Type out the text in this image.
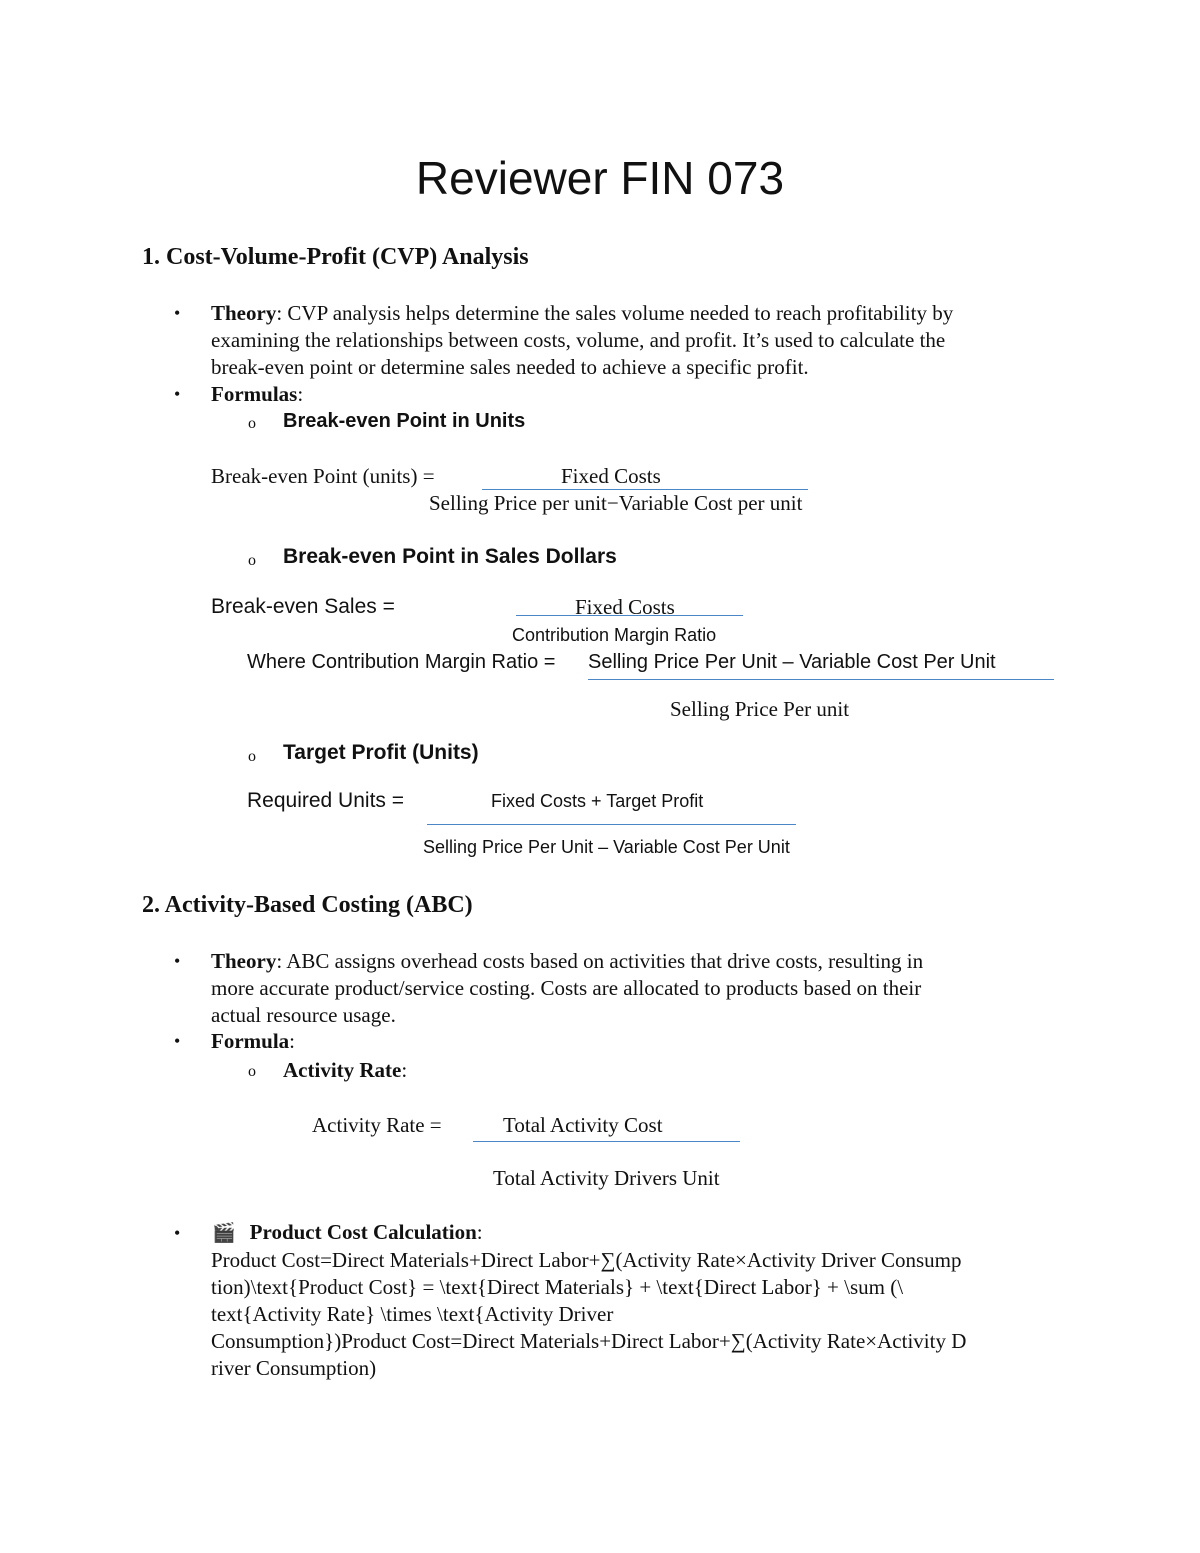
Reviewer FIN 073
1. Cost-Volume-Profit (CVP) Analysis
• Theory: CVP analysis helps determine the sales volume needed to reach profitability by
examining the relationships between costs, volume, and profit. It’s used to calculate the
break-even point or determine sales needed to achieve a specific profit.
• Formulas:
o Break-even Point in Units
Break-even Point (units) =	Fixed Costs
Selling Price per unit−Variable Cost per unit
o Break-even Point in Sales Dollars
Break-even Sales =	Fixed Costs
Contribution Margin Ratio
Where Contribution Margin Ratio = Selling Price Per Unit – Variable Cost Per Unit
Selling Price Per unit
o Target Profit (Units)
Required Units =	Fixed Costs + Target Profit
Selling Price Per Unit – Variable Cost Per Unit
2. Activity-Based Costing (ABC)
• Theory: ABC assigns overhead costs based on activities that drive costs, resulting in
more accurate product/service costing. Costs are allocated to products based on their
actual resource usage.
• Formula:
o Activity Rate:
Activity Rate =	Total Activity Cost
Total Activity Drivers Unit
• 🎬 Product Cost Calculation:
Product Cost=Direct Materials+Direct Labor+∑(Activity Rate×Activity Driver Consump
tion)\text{Product Cost} = \text{Direct Materials} + \text{Direct Labor} + \sum (\
text{Activity Rate} \times \text{Activity Driver
Consumption})Product Cost=Direct Materials+Direct Labor+∑(Activity Rate×Activity D
river Consumption)
